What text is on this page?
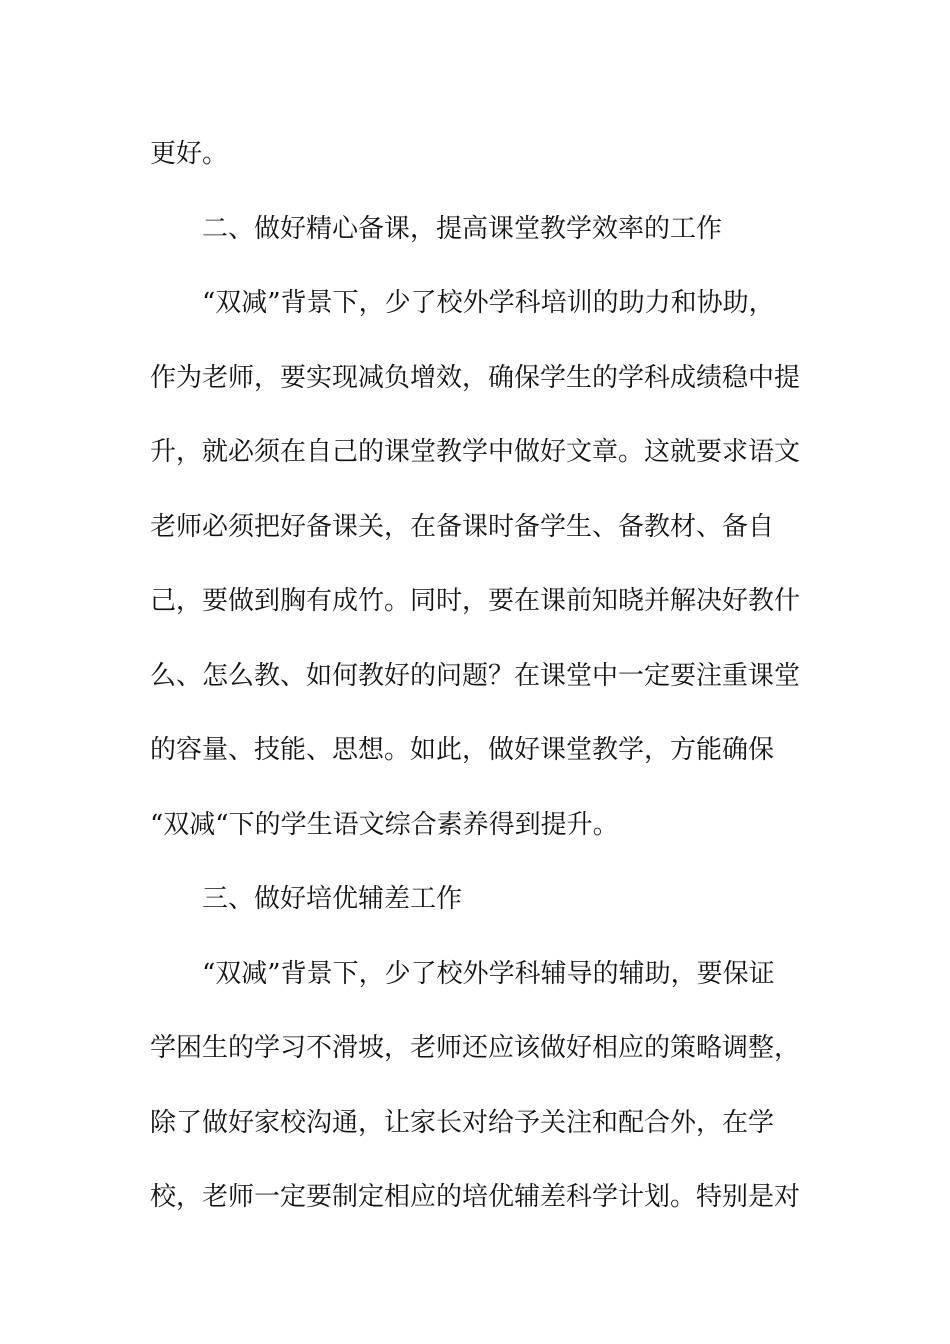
更好。
二、做好精心备课，提高课堂教学效率的工作
“双减”背景下，少了校外学科培训的助力和协助，
作为老师，要实现减负增效，确保学生的学科成绩稳中提
升，就必须在自己的课堂教学中做好文章。这就要求语文
老师必须把好备课关，在备课时备学生、备教材、备自
己，要做到胸有成竹。同时，要在课前知晓并解决好教什
么、怎么教、如何教好的问题？在课堂中一定要注重课堂
的容量、技能、思想。如此，做好课堂教学，方能确保
“双减“下的学生语文综合素养得到提升。
三、做好培优辅差工作
“双减”背景下，少了校外学科辅导的辅助，要保证
学困生的学习不滑坡，老师还应该做好相应的策略调整，
除了做好家校沟通，让家长对给予关注和配合外，在学
校，老师一定要制定相应的培优辅差科学计划。特别是对
